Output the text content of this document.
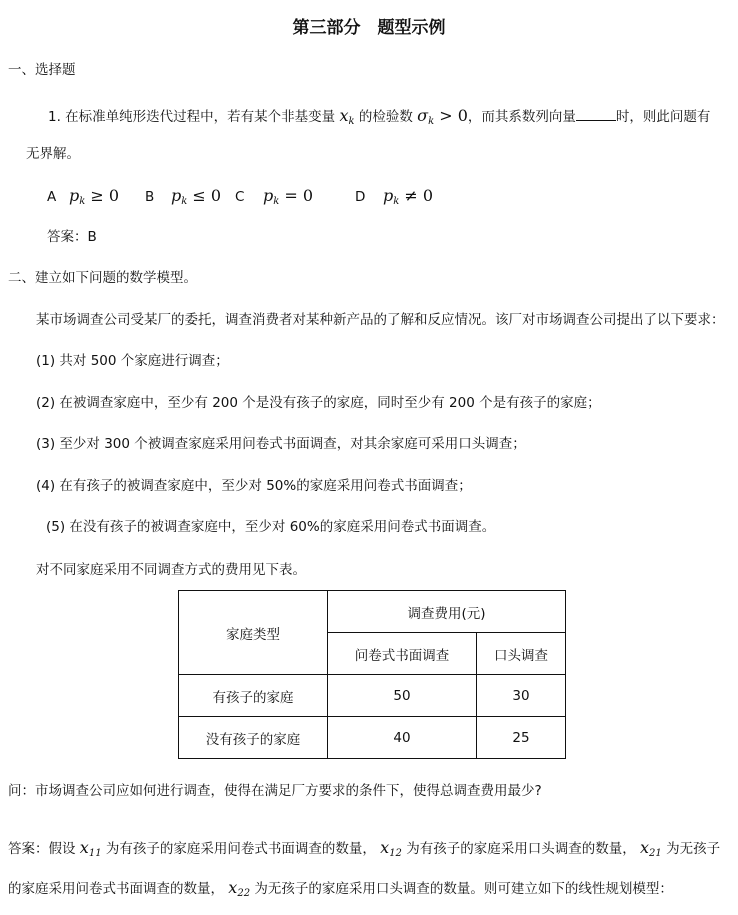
第三部分　题型示例
一、选择题
1. 在标准单纯形迭代过程中，若有某个非基变量 $x_k$ 的检验数 $\sigma_k > 0$，而其系数列向量	时，则此问题有
无界解。
A $p_k \ge 0$ B $p_k \le 0$ C $p_k = 0$	D $p_k \ne 0$
答案：B
二、建立如下问题的数学模型。
某市场调查公司受某厂的委托，调查消费者对某种新产品的了解和反应情况。该厂对市场调查公司提出了以下要求：
(1) 共对 500 个家庭进行调查；
(2) 在被调查家庭中，至少有 200 个是没有孩子的家庭，同时至少有 200 个是有孩子的家庭；
(3) 至少对 300 个被调查家庭采用问卷式书面调查，对其余家庭可采用口头调查；
(4) 在有孩子的被调查家庭中，至少对 50%的家庭采用问卷式书面调查；
(5) 在没有孩子的被调查家庭中，至少对 60%的家庭采用问卷式书面调查。
对不同家庭采用不同调查方式的费用见下表。
家庭类型	调查费用(元)	
	问卷式书面调查	口头调查
有孩子的家庭	50	30
没有孩子的家庭	40	25
问：市场调查公司应如何进行调查，使得在满足厂方要求的条件下，使得总调查费用最少?
答案：假设 $x_{11}$ 为有孩子的家庭采用问卷式书面调查的数量， $x_{12}$ 为有孩子的家庭采用口头调查的数量， $x_{21}$ 为无孩子
的家庭采用问卷式书面调查的数量， $x_{22}$ 为无孩子的家庭采用口头调查的数量。则可建立如下的线性规划模型：
